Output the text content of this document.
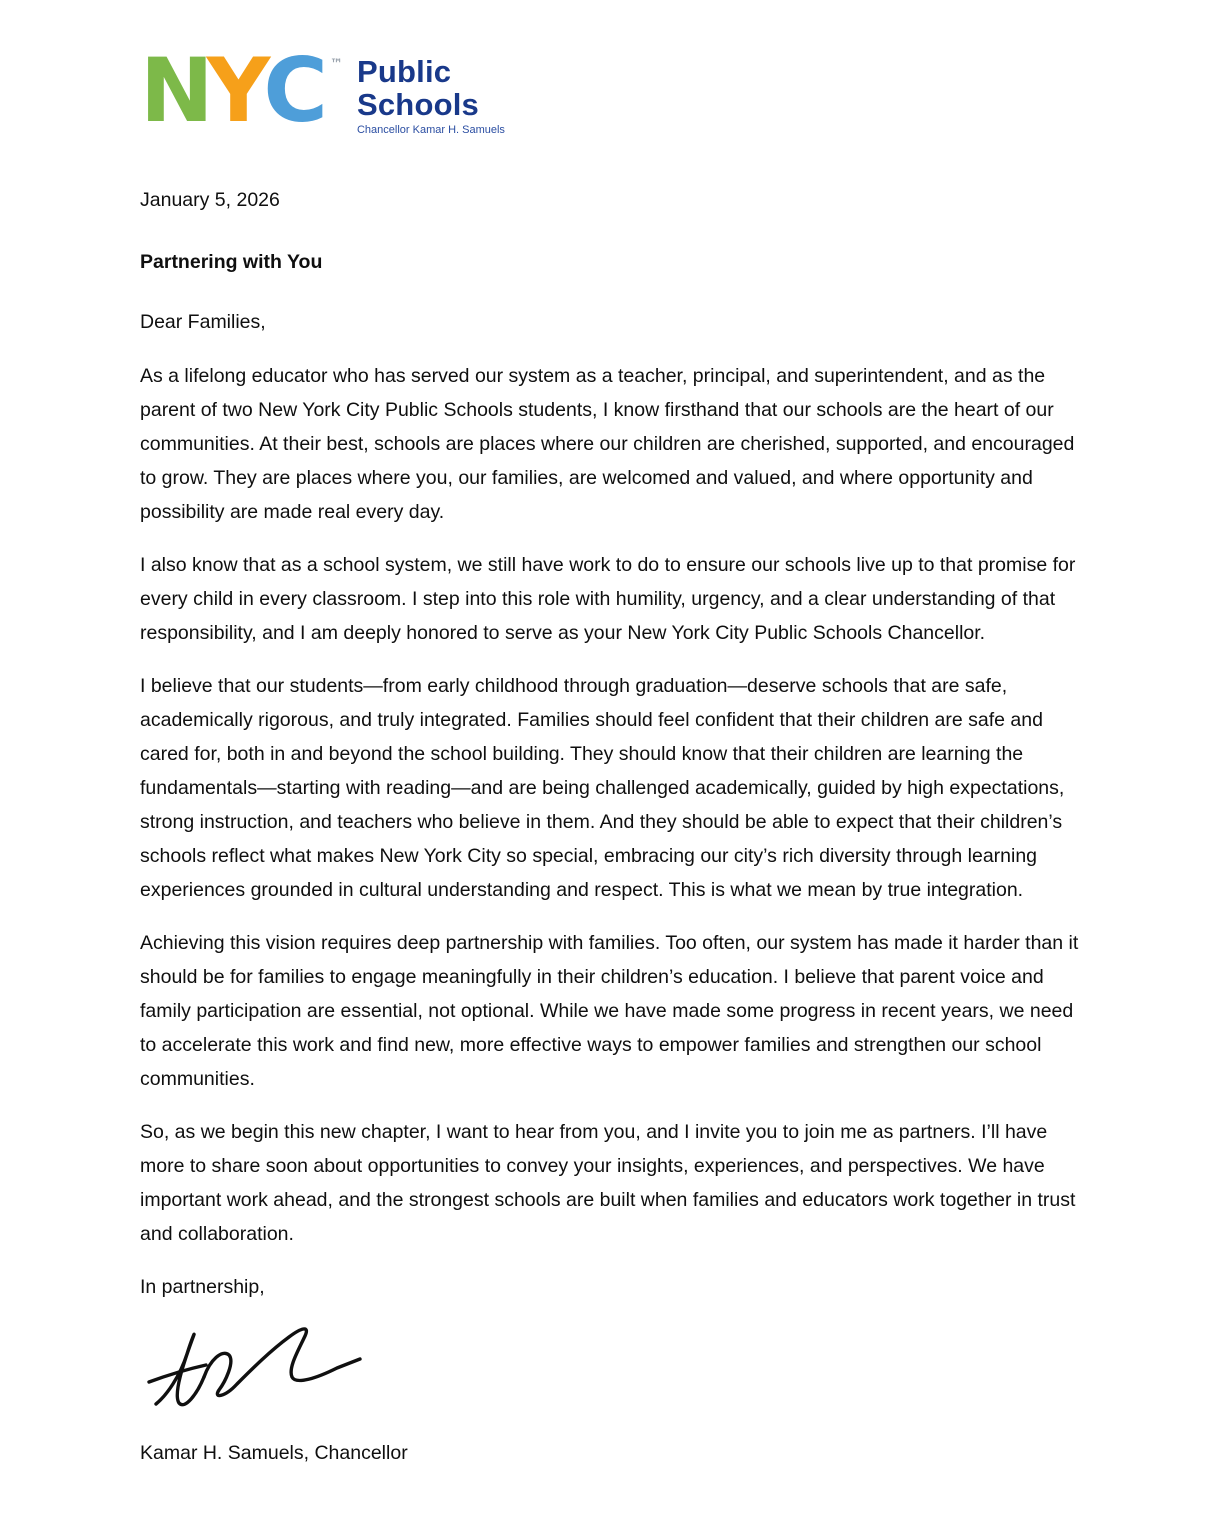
N Y C ™ Public
Schools
Chancellor Kamar H. Samuels

January 5, 2026

Partnering with You

Dear Families,

As a lifelong educator who has served our system as a teacher, principal, and superintendent, and as the parent of two New York City Public Schools students, I know firsthand that our schools are the heart of our communities. At their best, schools are places where our children are cherished, supported, and encouraged to grow. They are places where you, our families, are welcomed and valued, and where opportunity and possibility are made real every day.

I also know that as a school system, we still have work to do to ensure our schools live up to that promise for every child in every classroom. I step into this role with humility, urgency, and a clear understanding of that responsibility, and I am deeply honored to serve as your New York City Public Schools Chancellor.

I believe that our students—from early childhood through graduation—deserve schools that are safe, academically rigorous, and truly integrated. Families should feel confident that their children are safe and cared for, both in and beyond the school building. They should know that their children are learning the fundamentals—starting with reading—and are being challenged academically, guided by high expectations, strong instruction, and teachers who believe in them. And they should be able to expect that their children’s schools reflect what makes New York City so special, embracing our city’s rich diversity through learning experiences grounded in cultural understanding and respect. This is what we mean by true integration.

Achieving this vision requires deep partnership with families. Too often, our system has made it harder than it should be for families to engage meaningfully in their children’s education. I believe that parent voice and family participation are essential, not optional. While we have made some progress in recent years, we need to accelerate this work and find new, more effective ways to empower families and strengthen our school communities.

So, as we begin this new chapter, I want to hear from you, and I invite you to join me as partners. I’ll have more to share soon about opportunities to convey your insights, experiences, and perspectives. We have important work ahead, and the strongest schools are built when families and educators work together in trust and collaboration.

In partnership,

Kamar H. Samuels, Chancellor
